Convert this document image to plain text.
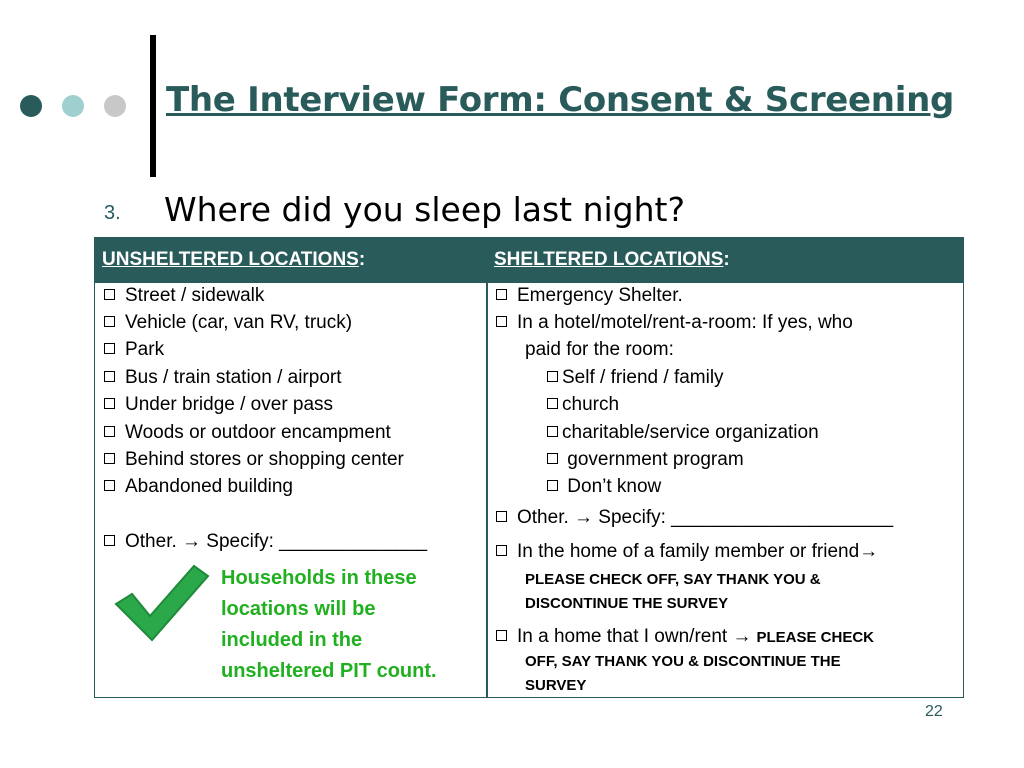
The Interview Form: Consent & Screening
3. Where did you sleep last night?
UNSHELTERED LOCATIONS:	SHELTERED LOCATIONS:
Street / sidewalk
Vehicle (car, van RV, truck)
Park
Bus / train station / airport
Under bridge / over pass
Woods or outdoor encampment
Behind stores or shopping center
Abandoned building
Other. → Specify: ______________
Households in these
locations will be
included in the
unsheltered PIT count.
Emergency Shelter.
In a hotel/motel/rent-a-room: If yes, who
paid for the room:
Self / friend / family
church
charitable/service organization
government program
Don’t know
Other. → Specify: _____________________
In the home of a family member or friend→
PLEASE CHECK OFF, SAY THANK YOU &
DISCONTINUE THE SURVEY
In a home that I own/rent → PLEASE CHECK
OFF, SAY THANK YOU & DISCONTINUE THE
SURVEY
22
